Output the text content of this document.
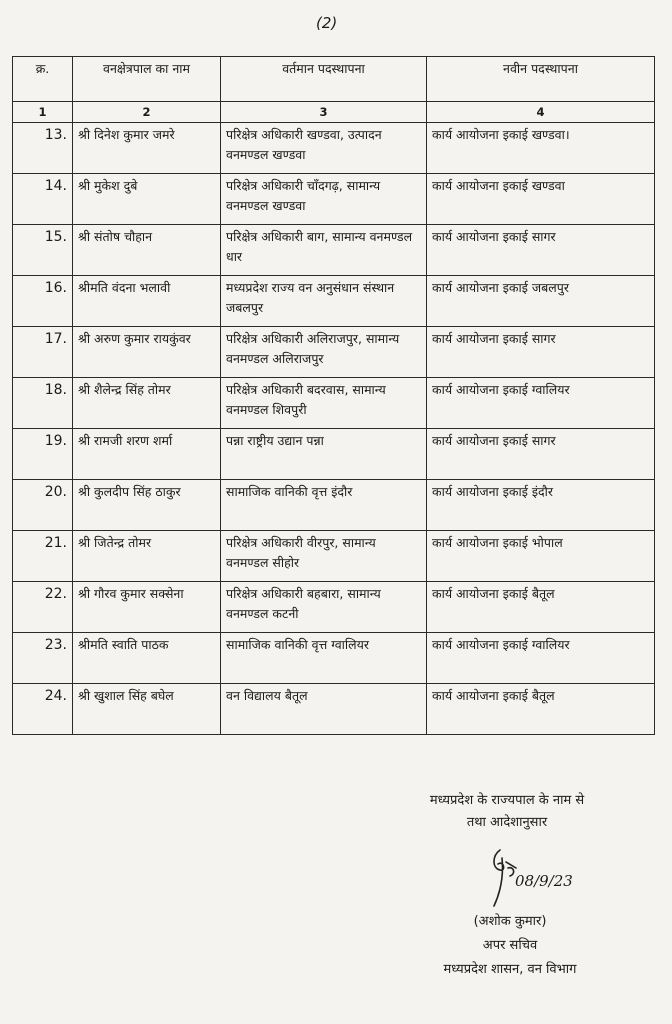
(2)
क्र.	वनक्षेत्रपाल का नाम	वर्तमान पदस्थापना	नवीन पदस्थापना
1	2	3	4
13.	श्री दिनेश कुमार जमरे	परिक्षेत्र अधिकारी खण्डवा, उत्पादन वनमण्डल खण्डवा	कार्य आयोजना इकाई खण्डवा।
14.	श्री मुकेश दुबे	परिक्षेत्र अधिकारी चाँदगढ़, सामान्य वनमण्डल खण्डवा	कार्य आयोजना इकाई खण्डवा
15.	श्री संतोष चौहान	परिक्षेत्र अधिकारी बाग, सामान्य वनमण्डल धार	कार्य आयोजना इकाई सागर
16.	श्रीमति वंदना भलावी	मध्यप्रदेश राज्य वन अनुसंधान संस्थान जबलपुर	कार्य आयोजना इकाई जबलपुर
17.	श्री अरुण कुमार रायकुंवर	परिक्षेत्र अधिकारी अलिराजपुर, सामान्य वनमण्डल अलिराजपुर	कार्य आयोजना इकाई सागर
18.	श्री शैलेन्द्र सिंह तोमर	परिक्षेत्र अधिकारी बदरवास, सामान्य वनमण्डल शिवपुरी	कार्य आयोजना इकाई ग्वालियर
19.	श्री रामजी शरण शर्मा	पन्ना राष्ट्रीय उद्यान पन्ना	कार्य आयोजना इकाई सागर
20.	श्री कुलदीप सिंह ठाकुर	सामाजिक वानिकी वृत्त इंदौर	कार्य आयोजना इकाई इंदौर
21.	श्री जितेन्द्र तोमर	परिक्षेत्र अधिकारी वीरपुर, सामान्य वनमण्डल सीहोर	कार्य आयोजना इकाई भोपाल
22.	श्री गौरव कुमार सक्सेना	परिक्षेत्र अधिकारी बहबारा, सामान्य वनमण्डल कटनी	कार्य आयोजना इकाई बैतूल
23.	श्रीमति स्वाति पाठक	सामाजिक वानिकी वृत्त ग्वालियर	कार्य आयोजना इकाई ग्वालियर
24.	श्री खुशाल सिंह बघेल	वन विद्यालय बैतूल	कार्य आयोजना इकाई बैतूल
मध्यप्रदेश के राज्यपाल के नाम से
तथा आदेशानुसार
08/9/23
(अशोक कुमार)
अपर सचिव
मध्यप्रदेश शासन, वन विभाग
